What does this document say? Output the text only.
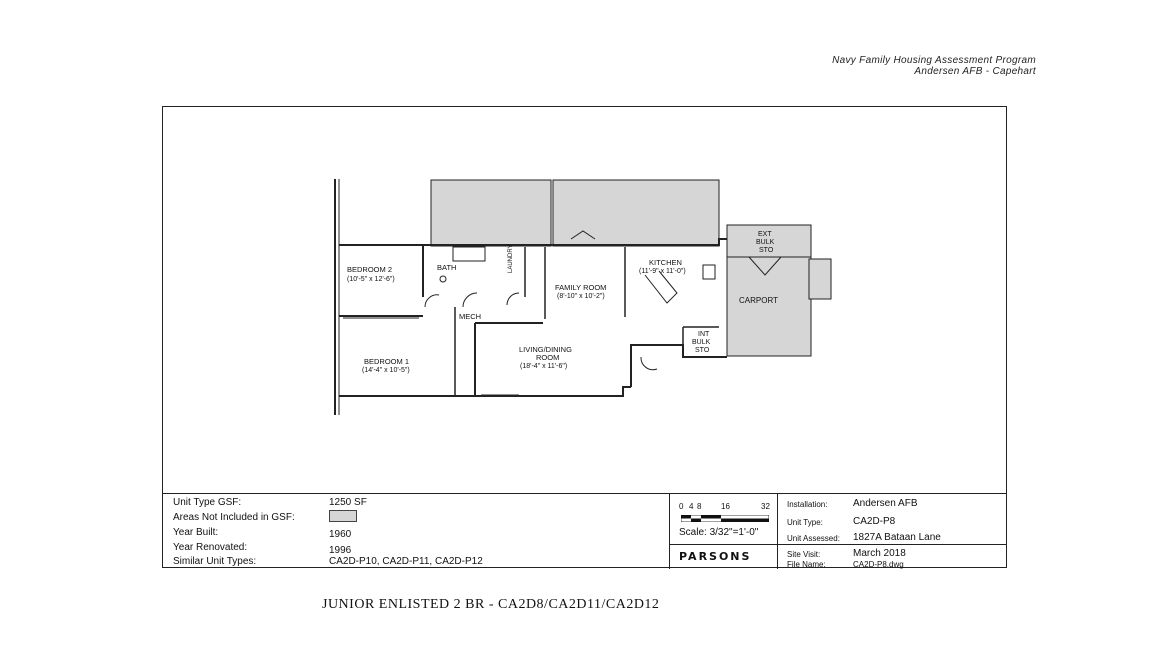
Navy Family Housing Assessment Program
Andersen AFB - Capehart
BEDROOM 2
(10'-5" x 12'-6")
BATH	LAUNDRY
FAMILY ROOM
(8'-10" x 10'-2")
KITCHEN
(11'-9" x 11'-0")
EXT
BULK
STO
CARPORT
MECH
INT
BULK
STO
LIVING/DINING
ROOM
(18'-4" x 11'-6")
BEDROOM 1
(14'-4" x 10'-5")
Unit Type GSF:	1250 SF
Areas Not Included in GSF:
Year Built:	1960
Year Renovated:	1996
Similar Unit Types:	CA2D-P10, CA2D-P11, CA2D-P12
0 4 8 16	32
Scale: 3/32"=1'-0"
PARSONS
Installation:	Andersen AFB
Unit Type:	CA2D-P8
Unit Assessed: 1827A Bataan Lane
Site Visit:	March 2018
File Name:	CA2D-P8.dwg
JUNIOR ENLISTED 2 BR - CA2D8/CA2D11/CA2D12
